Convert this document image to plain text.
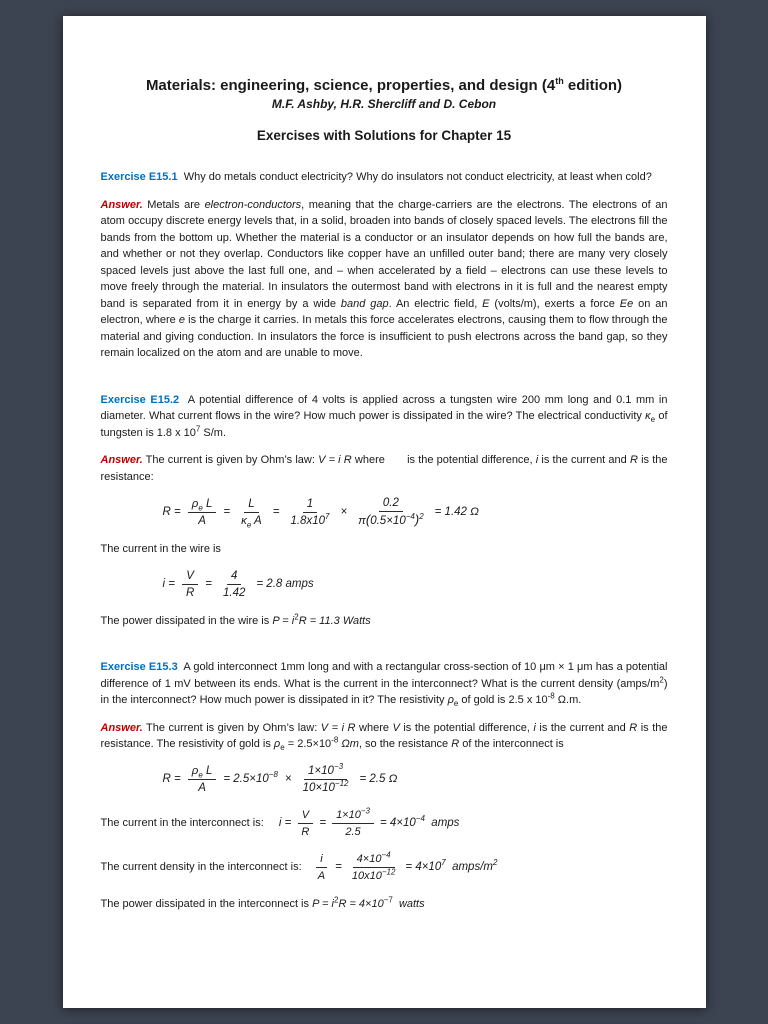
Materials: engineering, science, properties, and design (4th edition)
M.F. Ashby, H.R. Shercliff and D. Cebon
Exercises with Solutions for Chapter 15

Exercise E15.1  Why do metals conduct electricity? Why do insulators not conduct electricity, at least when cold?

Answer. Metals are electron-conductors, meaning that the charge-carriers are the electrons. The electrons of an atom occupy discrete energy levels that, in a solid, broaden into bands of closely spaced levels. The electrons fill the bands from the bottom up. Whether the material is a conductor or an insulator depends on how full the bands are, and whether or not they overlap. Conductors like copper have an unfilled outer band; there are many very closely spaced levels just above the last full one, and – when accelerated by a field – electrons can use these levels to move freely through the material. In insulators the outermost band with electrons in it is full and the nearest empty band is separated from it in energy by a wide band gap. An electric field, E (volts/m), exerts a force Ee on an electron, where e is the charge it carries. In metals this force accelerates electrons, causing them to flow through the material and giving conduction. In insulators the force is insufficient to push electrons across the band gap, so they remain localized on the atom and are unable to move.

Exercise E15.2  A potential difference of 4 volts is applied across a tungsten wire 200 mm long and 0.1 mm in diameter. What current flows in the wire? How much power is dissipated in the wire? The electrical conductivity $\kappa_e$ of tungsten is 1.8 x $10^7$ S/m.

Answer. The current is given by Ohm’s law: V = i R where       is the potential difference, i is the current and R is the resistance:

$R = \frac{\rho_e L}{A} = \frac{L}{\kappa_e A} = \frac{1}{1.8x10^7} \times \frac{0.2}{\pi(0.5\times 10^{-4})^2} = 1.42$ Ω

The current in the wire is

$i = \frac{V}{R} = \frac{4}{1.42} = 2.8$ amps

The power dissipated in the wire is $P = i^2R = 11.3$ Watts

Exercise E15.3  A gold interconnect 1mm long and with a rectangular cross-section of 10 μm × 1 μm has a potential difference of 1 mV between its ends. What is the current in the interconnect? What is the current density $(amps/m^2)$ in the interconnect? How much power is dissipated in it? The resistivity $\rho_e$ of gold is 2.5 x $10^{-8}$ Ω.m.

Answer. The current is given by Ohm’s law: V = i R where V is the potential difference, i is the current and R is the resistance. The resistivity of gold is $\rho_e = 2.5\times 10^{-8}$ Ωm, so the resistance R of the interconnect is

$R = \frac{\rho_e L}{A} = 2.5\times 10^{-8} \times \frac{1\times 10^{-3}}{10\times 10^{-12}} = 2.5$ Ω
The current in the interconnect is: $i = \frac{V}{R} = \frac{1\times 10^{-3}}{2.5} = 4\times 10^{-4}$  amps
The current density in the interconnect is: $\frac{i}{A} = \frac{4\times 10^{-4}}{10x10^{-12}} = 4\times 10^7$  amps/$m^2$

The power dissipated in the interconnect is $P = i^2R = 4\times 10^{-7}$  watts
